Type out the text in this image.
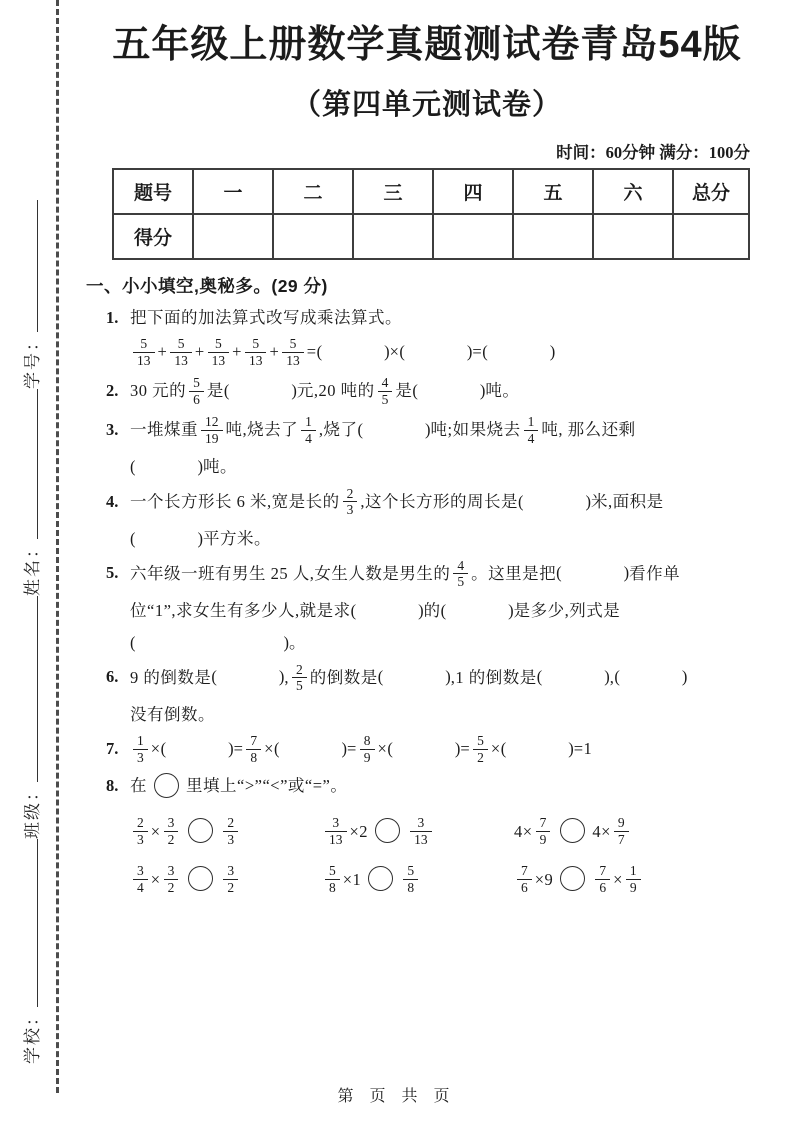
学校：
班级：
姓名：
学号：
五年级上册数学真题测试卷青岛54版
（第四单元测试卷）
时间：60分钟 满分：100分
题号	一	二	三	四	五	六	总分
得分							
一、小小填空,奥秘多。(29 分)
1. 把下面的加法算式改写成乘法算式。
$\frac{5}{13} + \frac{5}{13} + \frac{5}{13} + \frac{5}{13} + \frac{5}{13}$ =(	)×(	)=(	)
2. 30 元的 $\frac{5}{6}$ 是(	)元,20 吨的 $\frac{4}{5}$ 是(	)吨。
3. 一堆煤重 $\frac{12}{19}$ 吨,烧去了 $\frac{1}{4}$ ,烧了(	)吨;如果烧去 $\frac{1}{4}$ 吨, 那么还剩
(	)吨。
4. 一个长方形长 6 米,宽是长的 $\frac{2}{3}$ ,这个长方形的周长是(	)米,面积是
(	)平方米。
5. 六年级一班有男生 25 人,女生人数是男生的 $\frac{4}{5}$ 。这里是把(	)看作单
位“1”,求女生有多少人,就是求(	)的(	)是多少,列式是
(	)。
6. 9 的倒数是(	), $\frac{2}{5}$ 的倒数是(	),1 的倒数是(	),(	)
没有倒数。
7. $\frac{1}{3}$ ×(	)= $\frac{7}{8}$ ×(	)= $\frac{8}{9}$ ×(	)= $\frac{5}{2}$ ×(	)=1
8. 在 里填上“>”“<”或“=”。
$\frac{2}{3} \times \frac{3}{2}$	$\frac{2}{3}$	$\frac{3}{13} \times 2$	$\frac{3}{13}$	$4\times \frac{7}{9}$	$4\times \frac{9}{7}$
$\frac{3}{4} \times \frac{3}{2}$	$\frac{3}{2}$	$\frac{5}{8} \times 1$	$\frac{5}{8}$	$\frac{7}{6} \times 9$	$\frac{7}{6} \times \frac{1}{9}$
第 页 共 页
